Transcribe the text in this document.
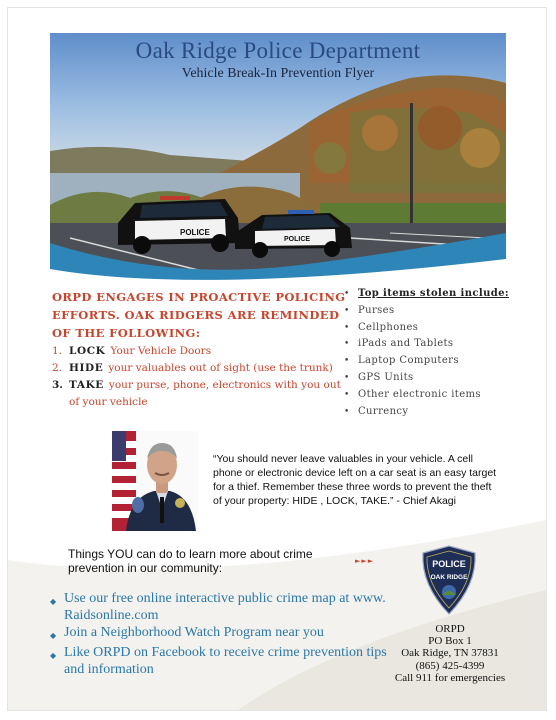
POLICE
POLICE
Oak Ridge Police Department
Vehicle Break-In Prevention Flyer
ORPD ENGAGES IN PROACTIVE POLICING EFFORTS. OAK RIDGERS ARE REMINDED OF THE FOLLOWING:
1. LOCK Your Vehicle Doors
2. HIDE your valuables out of sight (use the trunk)
3. TAKE your purse, phone, electronics with you out of your vehicle
• Top items stolen include:
• Purses
• Cellphones
• iPads and Tablets
• Laptop Computers
• GPS Units
• Other electronic items
• Currency
“You should never leave valuables in your vehicle. A cell phone or electronic device left on a car seat is an easy target for a thief. Remember these three words to prevent the theft of your property: HIDE , LOCK, TAKE.” - Chief Akagi
Things YOU can do to learn more about crime prevention in our community:	►►►
◆ Use our free online interactive public crime map at www. Raidsonline.com
◆ Join a Neighborhood Watch Program near you
◆ Like ORPD on Facebook to receive crime prevention tips and information
POLICE
OAK RIDGE
ORPD
PO Box 1
Oak Ridge, TN 37831
(865) 425-4399
Call 911 for emergencies
